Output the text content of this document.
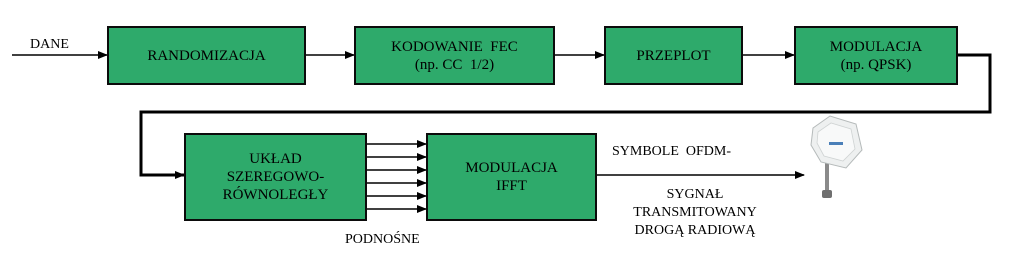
DANE
RANDOMIZACJA
KODOWANIE  FEC
(np. CC  1/2)
PRZEPLOT
MODULACJA
(np. QPSK)
UKŁAD
SZEREGOWO-
RÓWNOLEGŁY
MODULACJA
IFFT
PODNOŚNE
SYMBOLE  OFDM-
SYGNAŁ
TRANSMITOWANY
DROGĄ RADIOWĄ
